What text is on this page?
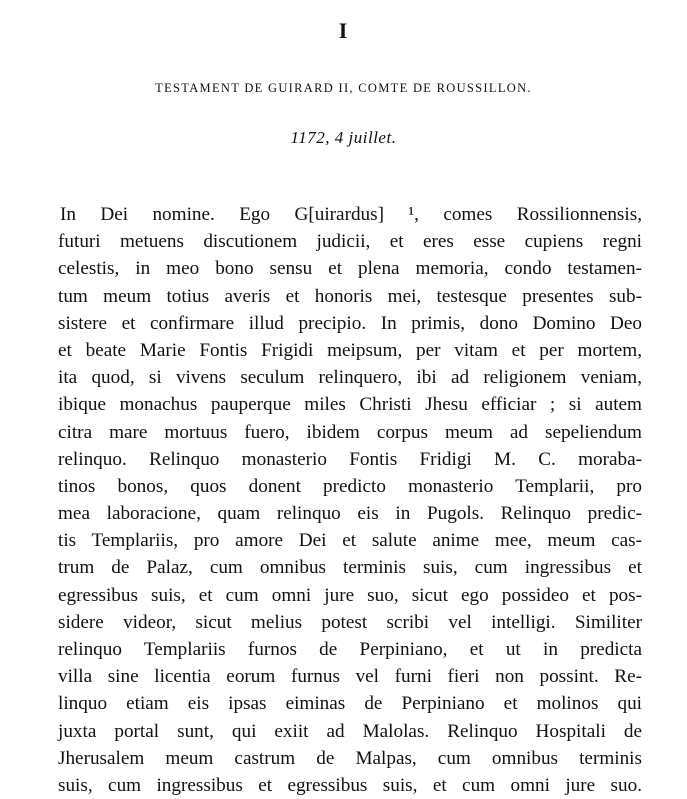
I
TESTAMENT DE GUIRARD II, COMTE DE ROUSSILLON.
1172, 4 juillet.
In Dei nomine. Ego G[uirardus] ¹, comes Rossilionnensis,
futuri metuens discutionem judicii, et eres esse cupiens regni
celestis, in meo bono sensu et plena memoria, condo testamen-
tum meum totius averis et honoris mei, testesque presentes sub-
sistere et confirmare illud precipio. In primis, dono Domino Deo
et beate Marie Fontis Frigidi meipsum, per vitam et per mortem,
ita quod, si vivens seculum relinquero, ibi ad religionem veniam,
ibique monachus pauperque miles Christi Jhesu efficiar ; si autem
citra mare mortuus fuero, ibidem corpus meum ad sepeliendum
relinquo. Relinquo monasterio Fontis Fridigi M. C. moraba-
tinos bonos, quos donent predicto monasterio Templarii, pro
mea laboracione, quam relinquo eis in Pugols. Relinquo predic-
tis Templariis, pro amore Dei et salute anime mee, meum cas-
trum de Palaz, cum omnibus terminis suis, cum ingressibus et
egressibus suis, et cum omni jure suo, sicut ego possideo et pos-
sidere videor, sicut melius potest scribi vel intelligi. Similiter
relinquo Templariis furnos de Perpiniano, et ut in predicta
villa sine licentia eorum furnus vel furni fieri non possint. Re-
linquo etiam eis ipsas eiminas de Perpiniano et molinos qui
juxta portal sunt, qui exiit ad Malolas. Relinquo Hospitali de
Jherusalem meum castrum de Malpas, cum omnibus terminis
suis, cum ingressibus et egressibus suis, et cum omni jure suo.
